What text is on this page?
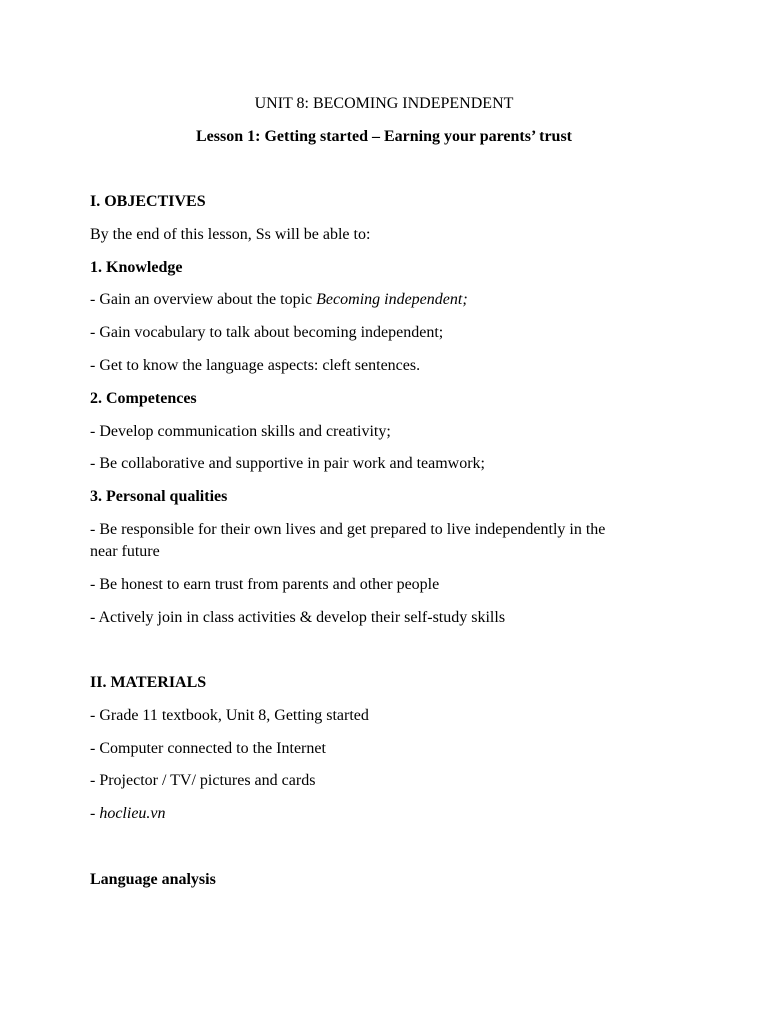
UNIT 8: BECOMING INDEPENDENT
Lesson 1: Getting started – Earning your parents’ trust
I. OBJECTIVES
By the end of this lesson, Ss will be able to:
1. Knowledge
- Gain an overview about the topic Becoming independent;
- Gain vocabulary to talk about becoming independent;
- Get to know the language aspects: cleft sentences.
2. Competences
- Develop communication skills and creativity;
- Be collaborative and supportive in pair work and teamwork;
3. Personal qualities
- Be responsible for their own lives and get prepared to live independently in the
near future
- Be honest to earn trust from parents and other people
- Actively join in class activities & develop their self-study skills
II. MATERIALS
- Grade 11 textbook, Unit 8, Getting started
- Computer connected to the Internet
- Projector / TV/ pictures and cards
- hoclieu.vn
Language analysis
